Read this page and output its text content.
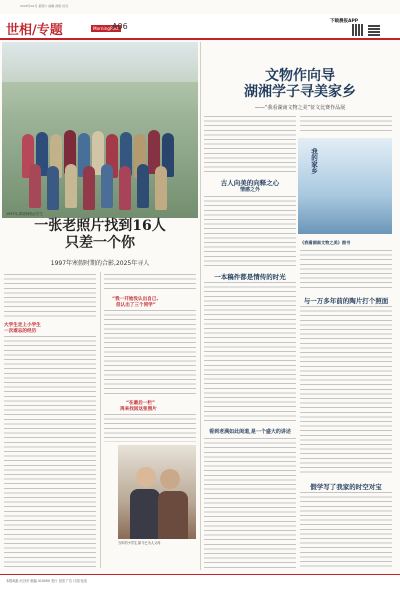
2025年01月 星期六 编辑 排版 校对
世相/专题	MorningPost
A06
下载晨报APP
1997年,陈老师指点学生
一张老照片找到16人
只差一个你
1997年寒假时期的合影,2025年寻人
大学生走上小学生
一次难忘的经历
“我一开始没认出自己,
但认出了三个同学”
“在最后一栏”
再来找回这张照片
当年的小学生,如今已为人父母
文物作向导
湖湘学子寻美家乡
——“我看湖南文物之美”征文比赛作品展
我的家乡
古人向美的向释之心
情感之外
《我看湖南文物之美》图书
一本稿件都是情传的时光
与一万多年前的陶片打个照面
看到老满如此闺道,是一个盛大的讲述
假学写了我家的时空对宝
本报地址:长沙市 邮编 410000 发行 全国 广告 订阅 电话
